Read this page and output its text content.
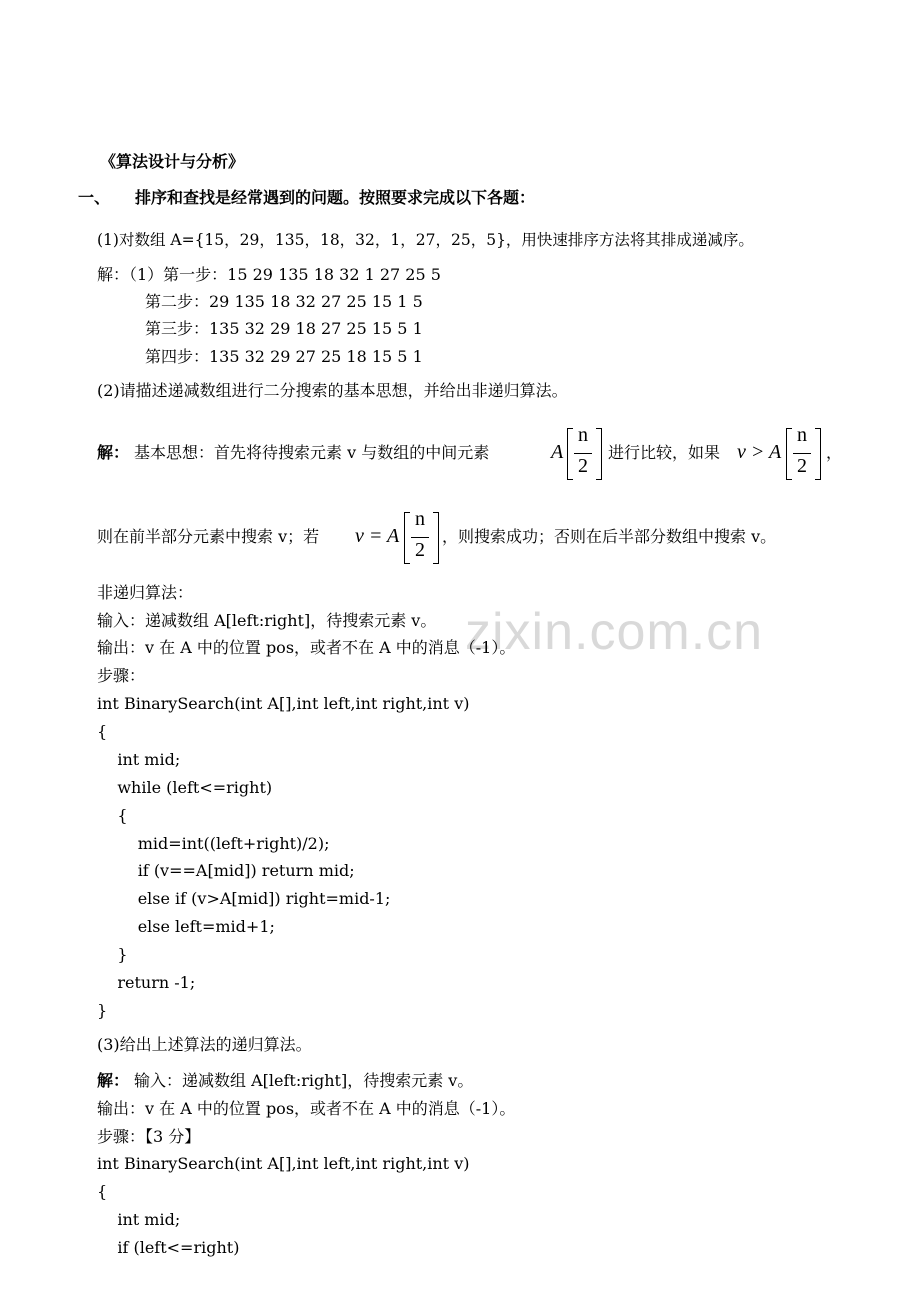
zixin.com.cn
《算法设计与分析》
一、 排序和查找是经常遇到的问题。按照要求完成以下各题：
(1)对数组 A={15，29，135，18，32，1，27，25，5}，用快速排序方法将其排成递减序。
解：（1）第一步：15 29 135 18 32 1 27 25 5
第二步：29 135 18 32 27 25 15 1 5
第三步：135 32 29 18 27 25 15 5 1
第四步：135 32 29 27 25 18 15 5 1
(2)请描述递减数组进行二分搜索的基本思想，并给出非递归算法。
解： 基本思想：首先将待搜索元素 v 与数组的中间元素	A
n
2
进行比较，如果 v > A
n
2
，
则在前半部分元素中搜索 v；若 v = A
n
2
，则搜索成功；否则在后半部分数组中搜索 v。
非递归算法：
输入：递减数组 A[left:right]，待搜索元素 v。
输出：v 在 A 中的位置 pos，或者不在 A 中的消息（-1）。
步骤：
int BinarySearch(int A[],int left,int right,int v)
{
int mid;
while (left<=right)
{
mid=int((left+right)/2);
if (v==A[mid]) return mid;
else if (v>A[mid]) right=mid-1;
else left=mid+1;
}
return -1;
}
(3)给出上述算法的递归算法。
解： 输入：递减数组 A[left:right]，待搜索元素 v。
输出：v 在 A 中的位置 pos，或者不在 A 中的消息（-1）。
步骤：【3 分】
int BinarySearch(int A[],int left,int right,int v)
{
int mid;
if (left<=right)
